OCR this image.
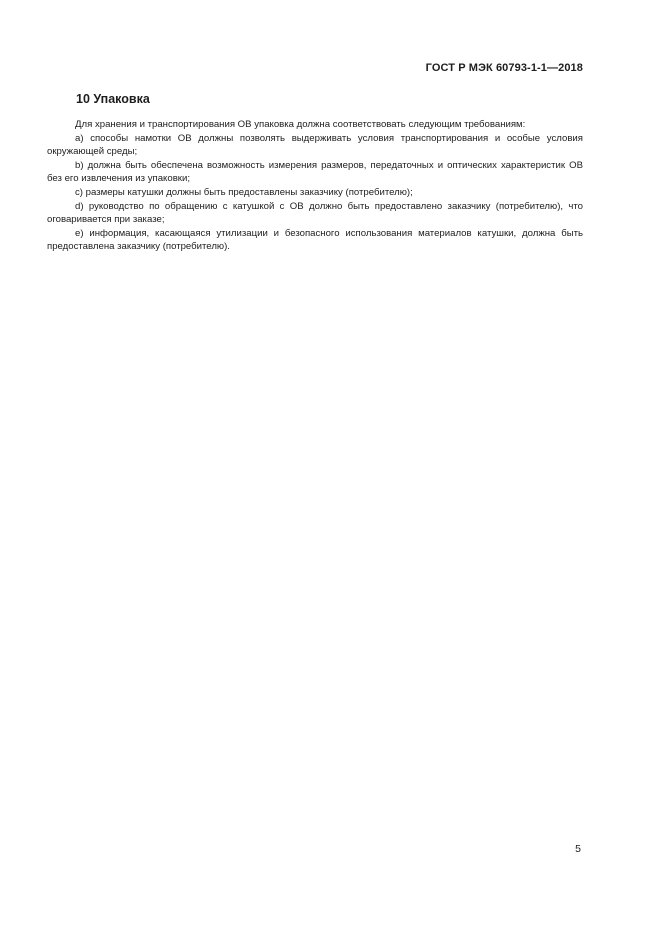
ГОСТ Р МЭК 60793-1-1—2018
10 Упаковка

Для хранения и транспортирования ОВ упаковка должна соответствовать следующим требованиям:

а) способы намотки ОВ должны позволять выдерживать условия транспортирования и особые условия окружающей среды;

b) должна быть обеспечена возможность измерения размеров, передаточных и оптических характеристик ОВ без его извлечения из упаковки;

c) размеры катушки должны быть предоставлены заказчику (потребителю);

d) руководство по обращению с катушкой с ОВ должно быть предоставлено заказчику (потребителю), что оговаривается при заказе;

е) информация, касающаяся утилизации и безопасного использования материалов катушки, должна быть предоставлена заказчику (потребителю).

5
